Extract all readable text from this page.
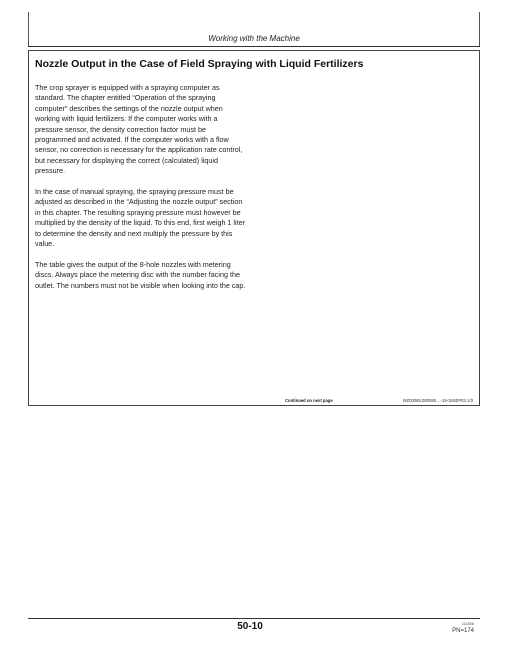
Working with the Machine
Nozzle Output in the Case of Field Spraying with Liquid Fertilizers

The crop sprayer is equipped with a spraying computer as standard. The chapter entitled “Operation of the spraying computer” describes the settings of the nozzle output when working with liquid fertilizers. If the computer works with a pressure sensor, the density correction factor must be programmed and activated. If the computer works with a flow sensor, no correction is necessary for the application rate control, but necessary for displaying the correct (calculated) liquid pressure.

In the case of manual spraying, the spraying pressure must be adjusted as described in the “Adjusting the nozzle output” section in this chapter. The resulting spraying pressure must however be multiplied by the density of the liquid. To this end, first weigh 1 liter to determine the density and next multiply the pressure by this value.

The table gives the output of the 8-hole nozzles with metering discs. Always place the metering disc with the number facing the outlet. The numbers must not be visible when looking into the cap.

Continued on next page	WZ00085,000085 ...-19-18SEP02-1/3
50-10	111506
PN=174
